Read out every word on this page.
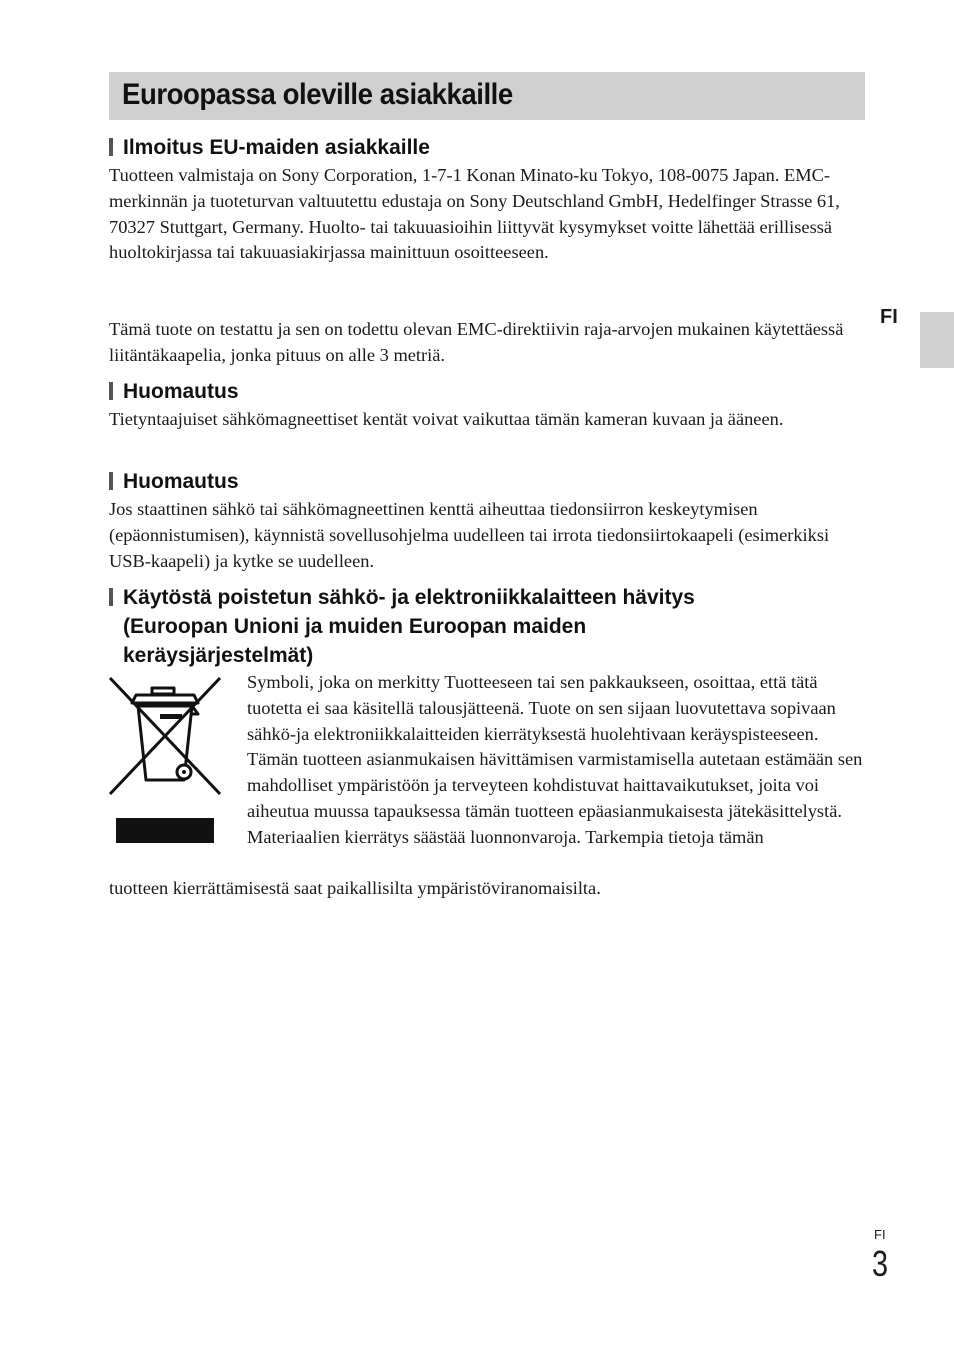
Euroopassa oleville asiakkaille
FI
Ilmoitus EU-maiden asiakkaille

Tuotteen valmistaja on Sony Corporation, 1-7-1 Konan Minato-ku Tokyo, 108-0075 Japan. EMC-merkinnän ja tuoteturvan valtuutettu edustaja on Sony Deutschland GmbH, Hedelfinger Strasse 61, 70327 Stuttgart, Germany. Huolto- tai takuuasioihin liittyvät kysymykset voitte lähettää erillisessä huoltokirjassa tai takuuasiakirjassa mainittuun osoitteeseen.

Tämä tuote on testattu ja sen on todettu olevan EMC-direktiivin raja-arvojen mukainen käytettäessä liitäntäkaapelia, jonka pituus on alle 3 metriä.

Huomautus

Tietyntaajuiset sähkömagneettiset kentät voivat vaikuttaa tämän kameran kuvaan ja ääneen.

Huomautus

Jos staattinen sähkö tai sähkömagneettinen kenttä aiheuttaa tiedonsiirron keskeytymisen (epäonnistumisen), käynnistä sovellusohjelma uudelleen tai irrota tiedonsiirtokaapeli (esimerkiksi USB-kaapeli) ja kytke se uudelleen.

Käytöstä poistetun sähkö- ja elektroniikkalaitteen hävitys
(Euroopan Unioni ja muiden Euroopan maiden
keräysjärjestelmät)

Symboli, joka on merkitty Tuotteeseen tai sen pakkaukseen, osoittaa, että tätä tuotetta ei saa käsitellä talousjätteenä. Tuote on sen sijaan luovutettava sopivaan sähkö-ja elektroniikkalaitteiden kierrätyksestä huolehtivaan keräyspisteeseen. Tämän tuotteen asianmukaisen hävittämisen varmistamisella autetaan estämään sen mahdolliset ympäristöön ja terveyteen kohdistuvat haittavaikutukset, joita voi aiheutua muussa tapauksessa tämän tuotteen epäasianmukaisesta jätekäsittelystä. Materiaalien kierrätys säästää luonnonvaroja. Tarkempia tietoja tämän

tuotteen kierrättämisestä saat paikallisilta ympäristöviranomaisilta.

FI
3
